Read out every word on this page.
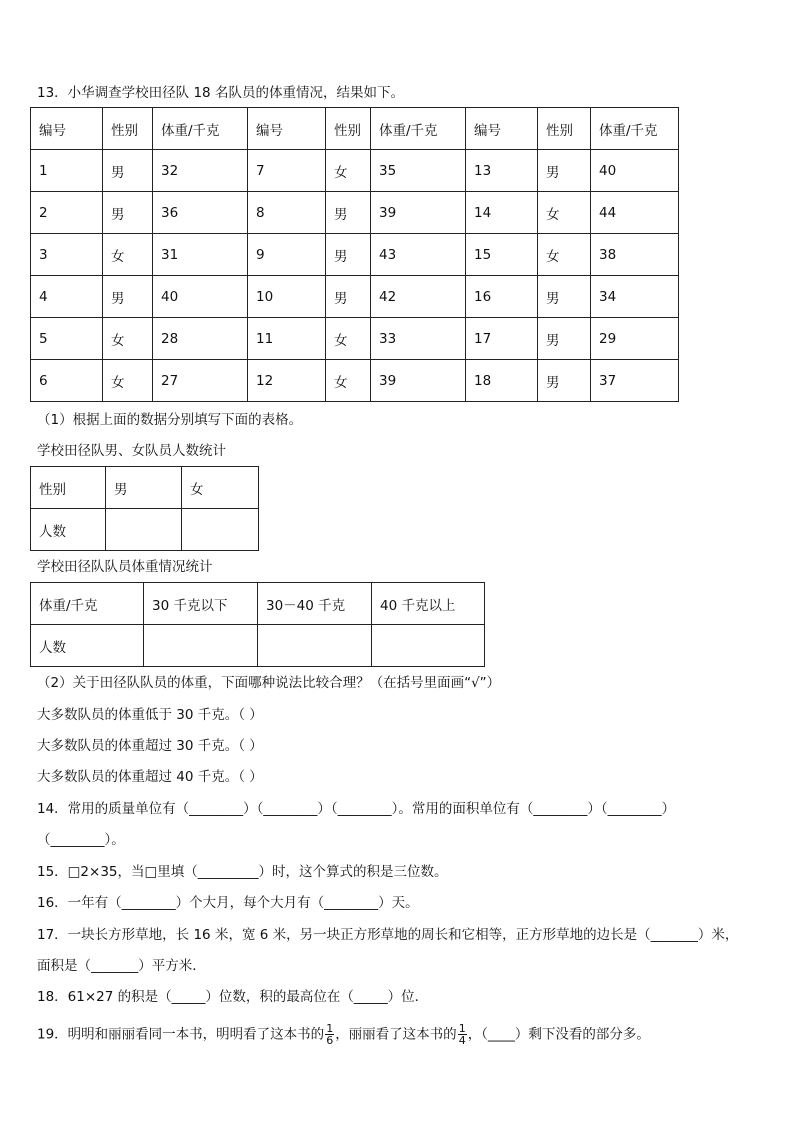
13．小华调查学校田径队 18 名队员的体重情况，结果如下。
编号	性别	体重/千克	编号	性别	体重/千克	编号	性别	体重/千克
1	男	32	7	女	35	13	男	40
2	男	36	8	男	39	14	女	44
3	女	31	9	男	43	15	女	38
4	男	40	10	男	42	16	男	34
5	女	28	11	女	33	17	男	29
6	女	27	12	女	39	18	男	37
（1）根据上面的数据分别填写下面的表格。
学校田径队男、女队员人数统计
性别	男	女
人数		
学校田径队队员体重情况统计
体重/千克	30 千克以下	30－40 千克	40 千克以上
人数			
（2）关于田径队队员的体重，下面哪种说法比较合理？（在括号里面画“√”）
大多数队员的体重低于 30 千克。（ ）
大多数队员的体重超过 30 千克。（ ）
大多数队员的体重超过 40 千克。（ ）
14．常用的质量单位有（________）（________）（________）。常用的面积单位有（________）（________）
（________）。
15．□2×35，当□里填（_________）时，这个算式的积是三位数。
16．一年有（________）个大月，每个大月有（________）天。
17．一块长方形草地，长 16 米，宽 6 米，另一块正方形草地的周长和它相等，正方形草地的边长是（_______）米，
面积是（_______）平方米．
18．61×27 的积是（_____）位数，积的最高位在（_____）位．
19．明明和丽丽看同一本书，明明看了这本书的 $\frac{1}{6}$ ，丽丽看了这本书的 $\frac{1}{4}$ ，（____）剩下没看的部分多。
